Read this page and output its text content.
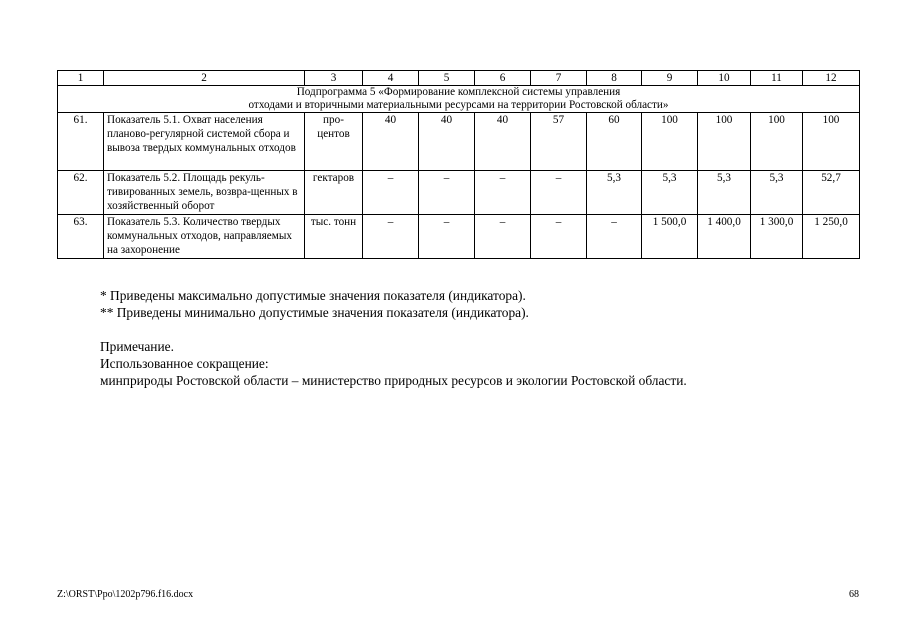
1	2	3	4	5	6	7	8	9	10	11	12

Подпрограмма 5 «Формирование комплексной системы управления
отходами и вторичными материальными ресурсами на территории Ростовской области»											

61.	Показатель 5.1. Охват населения планово-регулярной системой сбора и вывоза твердых коммунальных отходов	про-центов	40	40	40	57	60	100	100	100	100
62.	Показатель 5.2. Площадь рекуль-тивированных земель, возвра-щенных в хозяйственный оборот	гектаров	–	–	–	–	5,3	5,3	5,3	5,3	52,7
63.	Показатель 5.3. Количество твердых коммунальных отходов, направляемых на захоронение	тыс. тонн	–	–	–	–	–	1 500,0	1 400,0	1 300,0	1 250,0
* Приведены максимально допустимые значения показателя (индикатора).
** Приведены минимально допустимые значения показателя (индикатора).
Примечание.
Использованное сокращение:
минприроды Ростовской области – министерство природных ресурсов и экологии Ростовской области.
Z:\ORST\Ppo\1202p796.f16.docx	68
